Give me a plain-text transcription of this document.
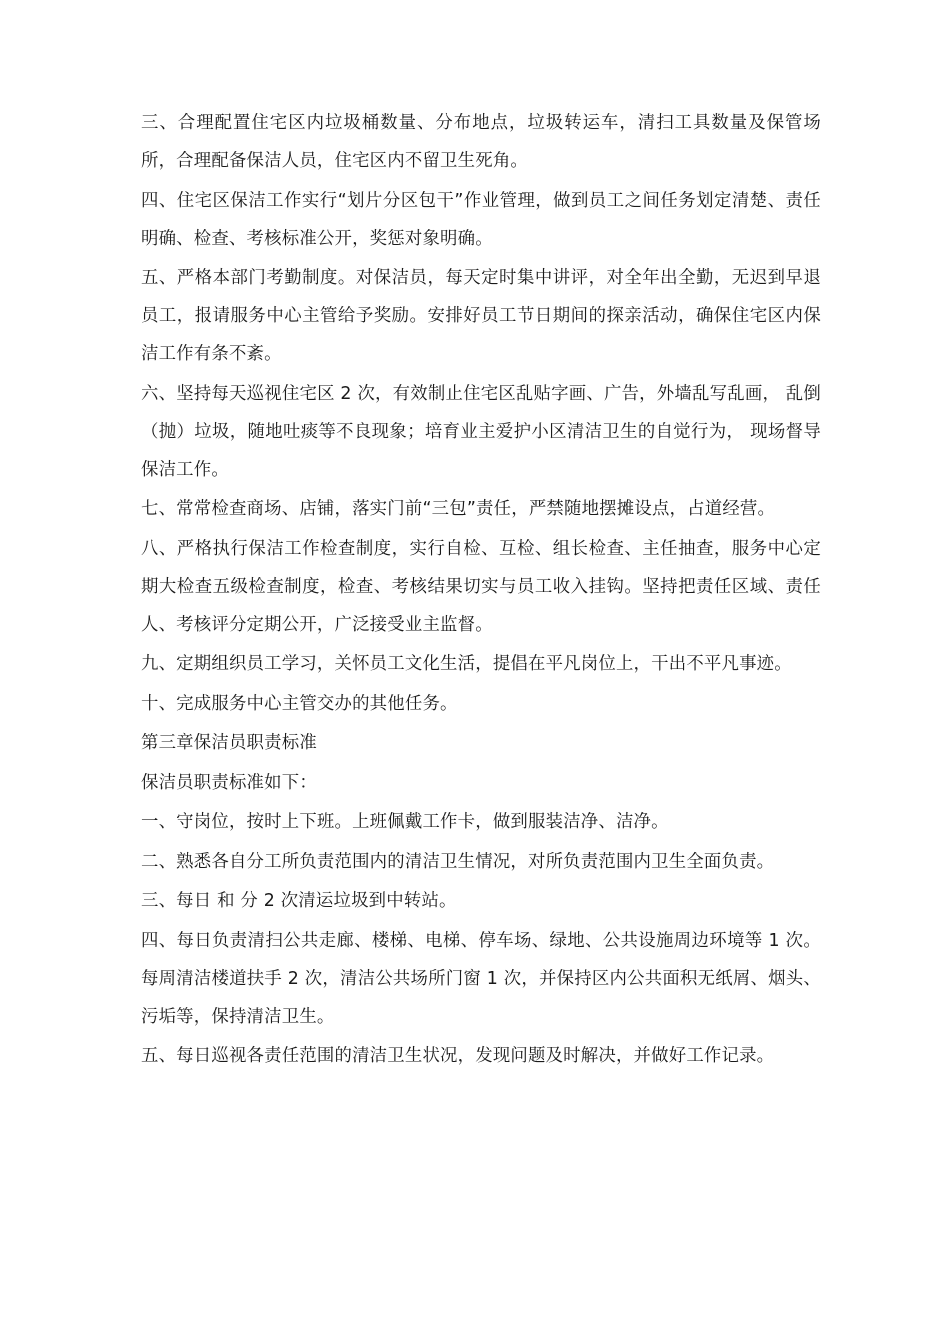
三、合理配置住宅区内垃圾桶数量、分布地点，垃圾转运车，清扫工具数量及保管场所，合理配备保洁人员，住宅区内不留卫生死角。

四、住宅区保洁工作实行“划片分区包干”作业管理，做到员工之间任务划定清楚、责任明确、检查、考核标准公开，奖惩对象明确。

五、严格本部门考勤制度。对保洁员，每天定时集中讲评，对全年出全勤，无迟到早退员工，报请服务中心主管给予奖励。安排好员工节日期间的探亲活动，确保住宅区内保洁工作有条不紊。

六、坚持每天巡视住宅区 2 次，有效制止住宅区乱贴字画、广告，外墙乱写乱画， 乱倒（抛）垃圾，随地吐痰等不良现象；培育业主爱护小区清洁卫生的自觉行为， 现场督导保洁工作。

七、常常检查商场、店铺，落实门前“三包”责任，严禁随地摆摊设点，占道经营。

八、严格执行保洁工作检查制度，实行自检、互检、组长检查、主任抽查，服务中心定期大检查五级检查制度，检查、考核结果切实与员工收入挂钩。坚持把责任区域、责任人、考核评分定期公开，广泛接受业主监督。

九、定期组织员工学习，关怀员工文化生活，提倡在平凡岗位上，干出不平凡事迹。

十、完成服务中心主管交办的其他任务。

第三章保洁员职责标准

保洁员职责标准如下：

一、守岗位，按时上下班。上班佩戴工作卡，做到服装洁净、洁净。

二、熟悉各自分工所负责范围内的清洁卫生情况，对所负责范围内卫生全面负责。

三、每日 和 分 2 次清运垃圾到中转站。

四、每日负责清扫公共走廊、楼梯、电梯、停车场、绿地、公共设施周边环境等 1 次。每周清洁楼道扶手 2 次，清洁公共场所门窗 1 次，并保持区内公共面积无纸屑、烟头、污垢等，保持清洁卫生。

五、每日巡视各责任范围的清洁卫生状况，发现问题及时解决，并做好工作记录。
